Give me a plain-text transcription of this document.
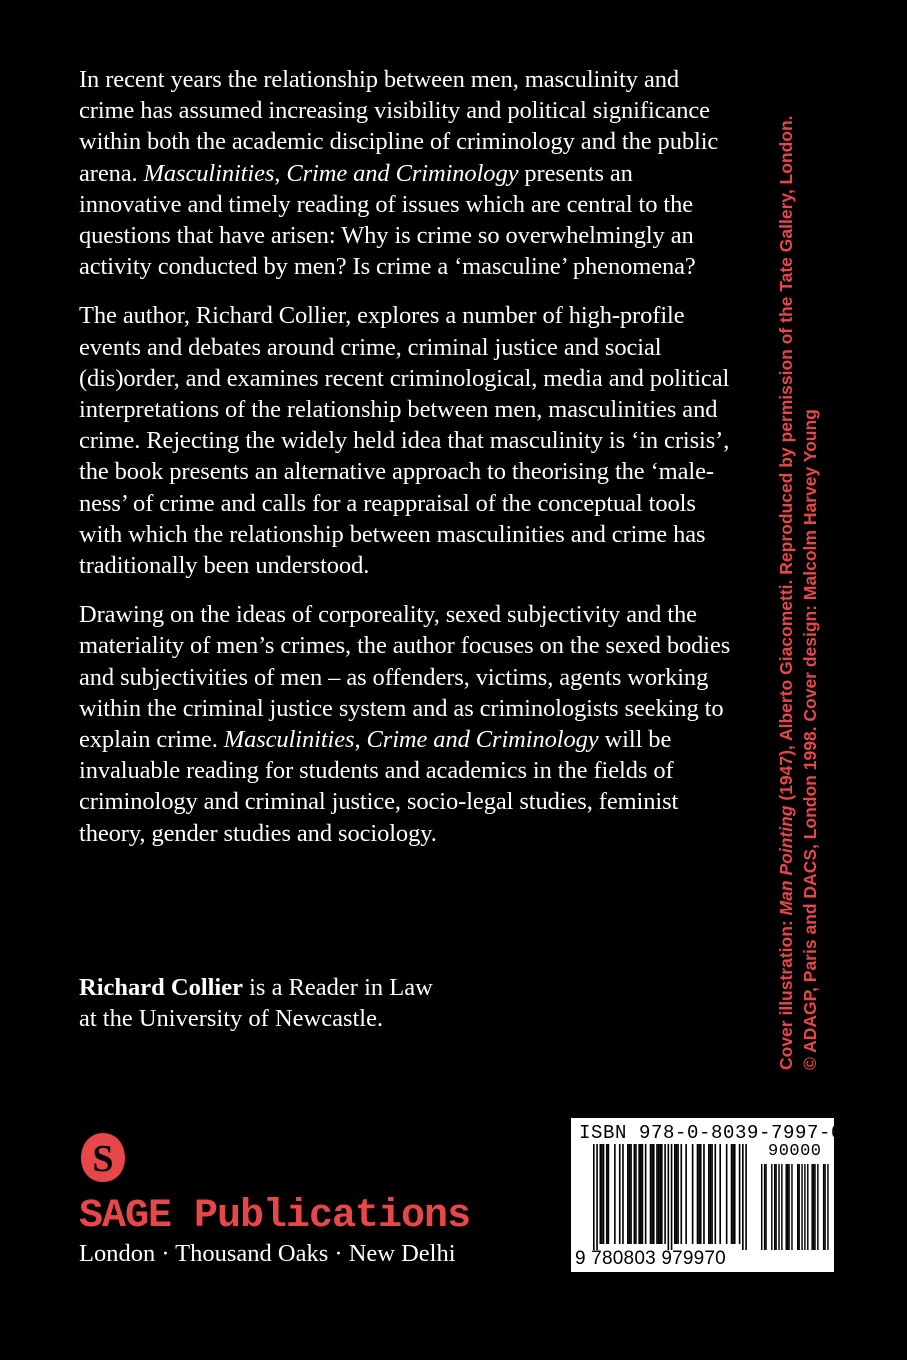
In recent years the relationship between men, masculinity and crime has assumed increasing visibility and political significance within both the academic discipline of criminology and the public arena. Masculinities, Crime and Criminology presents an innovative and timely reading of issues which are central to the questions that have arisen: Why is crime so overwhelmingly an activity conducted by men? Is crime a ‘masculine’ phenomena?

The author, Richard Collier, explores a number of high-profile events and debates around crime, criminal justice and social (dis)order, and examines recent criminological, media and political interpretations of the relationship between men, masculinities and crime. Rejecting the widely held idea that masculinity is ‘in crisis’, the book presents an alternative approach to theorising the ‘male-ness’ of crime and calls for a reappraisal of the conceptual tools with which the relationship between masculinities and crime has traditionally been understood.

Drawing on the ideas of corporeality, sexed subjectivity and the materiality of men’s crimes, the author focuses on the sexed bodies and subjectivities of men – as offenders, victims, agents working within the criminal justice system and as criminologists seeking to explain crime. Masculinities, Crime and Criminology will be invaluable reading for students and academics in the fields of criminology and criminal justice, socio-legal studies, feminist theory, gender studies and sociology.

Richard Collier is a Reader in Law
at the University of Newcastle.	Cover illustration: Man Pointing (1947), Alberto Giacometti. Reproduced by permission of the Tate Gallery, London. © ADAGP, Paris and DACS, London 1998. Cover design: Malcolm Harvey Young
S

SAGE Publications

London · Thousand Oaks · New Delhi

ISBN 978-0-8039-7997-0
90000
9 780803 979970
